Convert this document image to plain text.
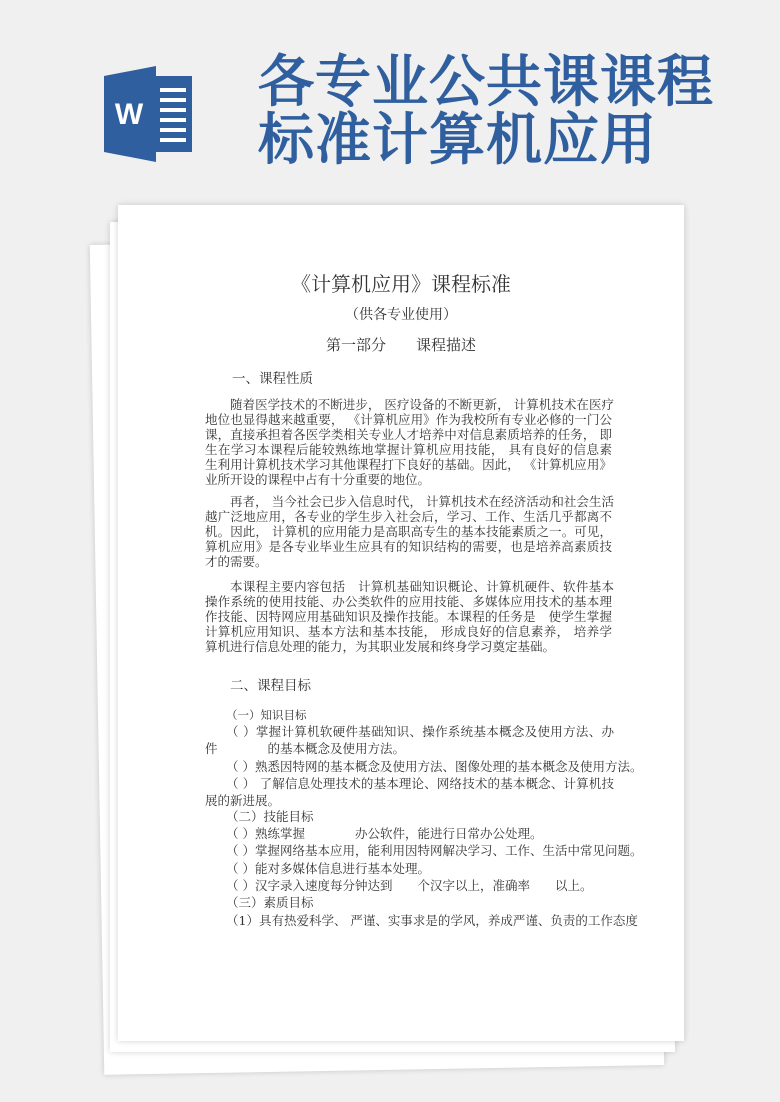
W 各专业公共课课程
标准计算机应用
《计算机应用》课程标准
（供各专业使用）
第一部分　　课程描述
一、课程性质
随着医学技术的不断进步， 医疗设备的不断更新， 计算机技术在医疗
地位也显得越来越重要， 《计算机应用》作为我校所有专业必修的一门公
课，直接承担着各医学类相关专业人才培养中对信息素质培养的任务， 即
生在学习本课程后能较熟练地掌握计算机应用技能， 具有良好的信息素
生利用计算机技术学习其他课程打下良好的基础。因此， 《计算机应用》
业所开设的课程中占有十分重要的地位。
再者， 当今社会已步入信息时代， 计算机技术在经济活动和社会生活
越广泛地应用，各专业的学生步入社会后，学习、工作、生活几乎都离不
机。因此， 计算机的应用能力是高职高专生的基本技能素质之一。可见，
算机应用》是各专业毕业生应具有的知识结构的需要，也是培养高素质技
才的需要。
本课程主要内容包括　计算机基础知识概论、计算机硬件、软件基本
操作系统的使用技能、办公类软件的应用技能、多媒体应用技术的基本理
作技能、因特网应用基础知识及操作技能。本课程的任务是　使学生掌握
计算机应用知识、基本方法和基本技能， 形成良好的信息素养， 培养学
算机进行信息处理的能力，为其职业发展和终身学习奠定基础。
二、课程目标
（一）知识目标
（ ）掌握计算机软硬件基础知识、操作系统基本概念及使用方法、办
件　　　　的基本概念及使用方法。
（ ）熟悉因特网的基本概念及使用方法、图像处理的基本概念及使用方法。
（ ） 了解信息处理技术的基本理论、网络技术的基本概念、计算机技
展的新进展。
（二）技能目标
（ ）熟练掌握　　　　办公软件，能进行日常办公处理。
（ ）掌握网络基本应用，能利用因特网解决学习、工作、生活中常见问题。
（ ）能对多媒体信息进行基本处理。
（ ）汉字录入速度每分钟达到　　个汉字以上，准确率　　以上。
（三）素质目标
（1）具有热爱科学、 严谨、实事求是的学风，养成严谨、负责的工作态度
